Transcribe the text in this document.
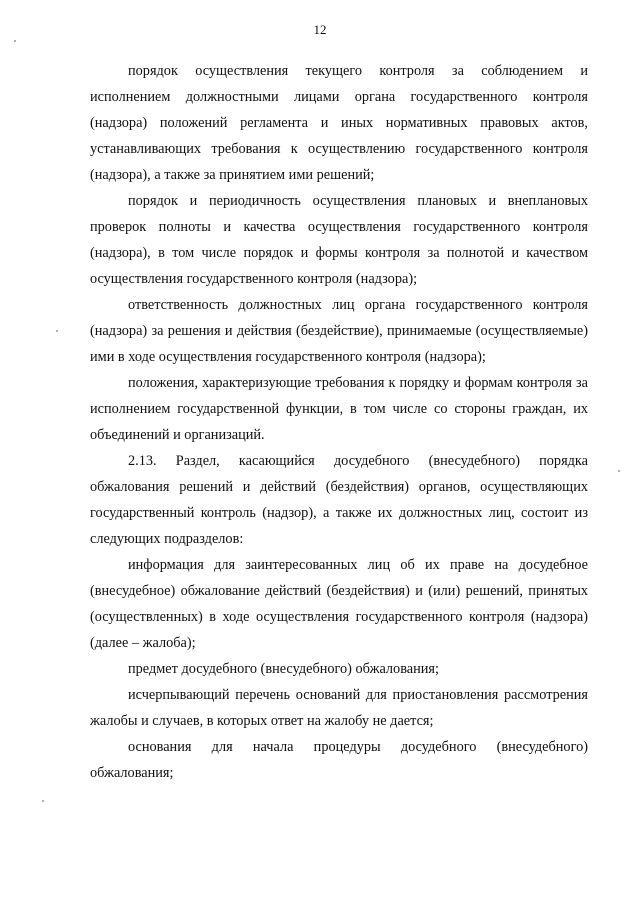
12

порядок осуществления текущего контроля за соблюдением и исполнением должностными лицами органа государственного контроля (надзора) положений регламента и иных нормативных правовых актов, устанавливающих требования к осуществлению государственного контроля (надзора), а также за принятием ими решений;

порядок и периодичность осуществления плановых и внеплановых проверок полноты и качества осуществления государственного контроля (надзора), в том числе порядок и формы контроля за полнотой и качеством осуществления государственного контроля (надзора);

ответственность должностных лиц органа государственного контроля (надзора) за решения и действия (бездействие), принимаемые (осуществляемые) ими в ходе осуществления государственного контроля (надзора);

положения, характеризующие требования к порядку и формам контроля за исполнением государственной функции, в том числе со стороны граждан, их объединений и организаций.

2.13. Раздел, касающийся досудебного (внесудебного) порядка обжалования решений и действий (бездействия) органов, осуществляющих государственный контроль (надзор), а также их должностных лиц, состоит из следующих подразделов:

информация для заинтересованных лиц об их праве на досудебное (внесудебное) обжалование действий (бездействия) и (или) решений, принятых (осуществленных) в ходе осуществления государственного контроля (надзора) (далее – жалоба);

предмет досудебного (внесудебного) обжалования;

исчерпывающий перечень оснований для приостановления рассмотрения жалобы и случаев, в которых ответ на жалобу не дается;

основания для начала процедуры досудебного (внесудебного) обжалования;
